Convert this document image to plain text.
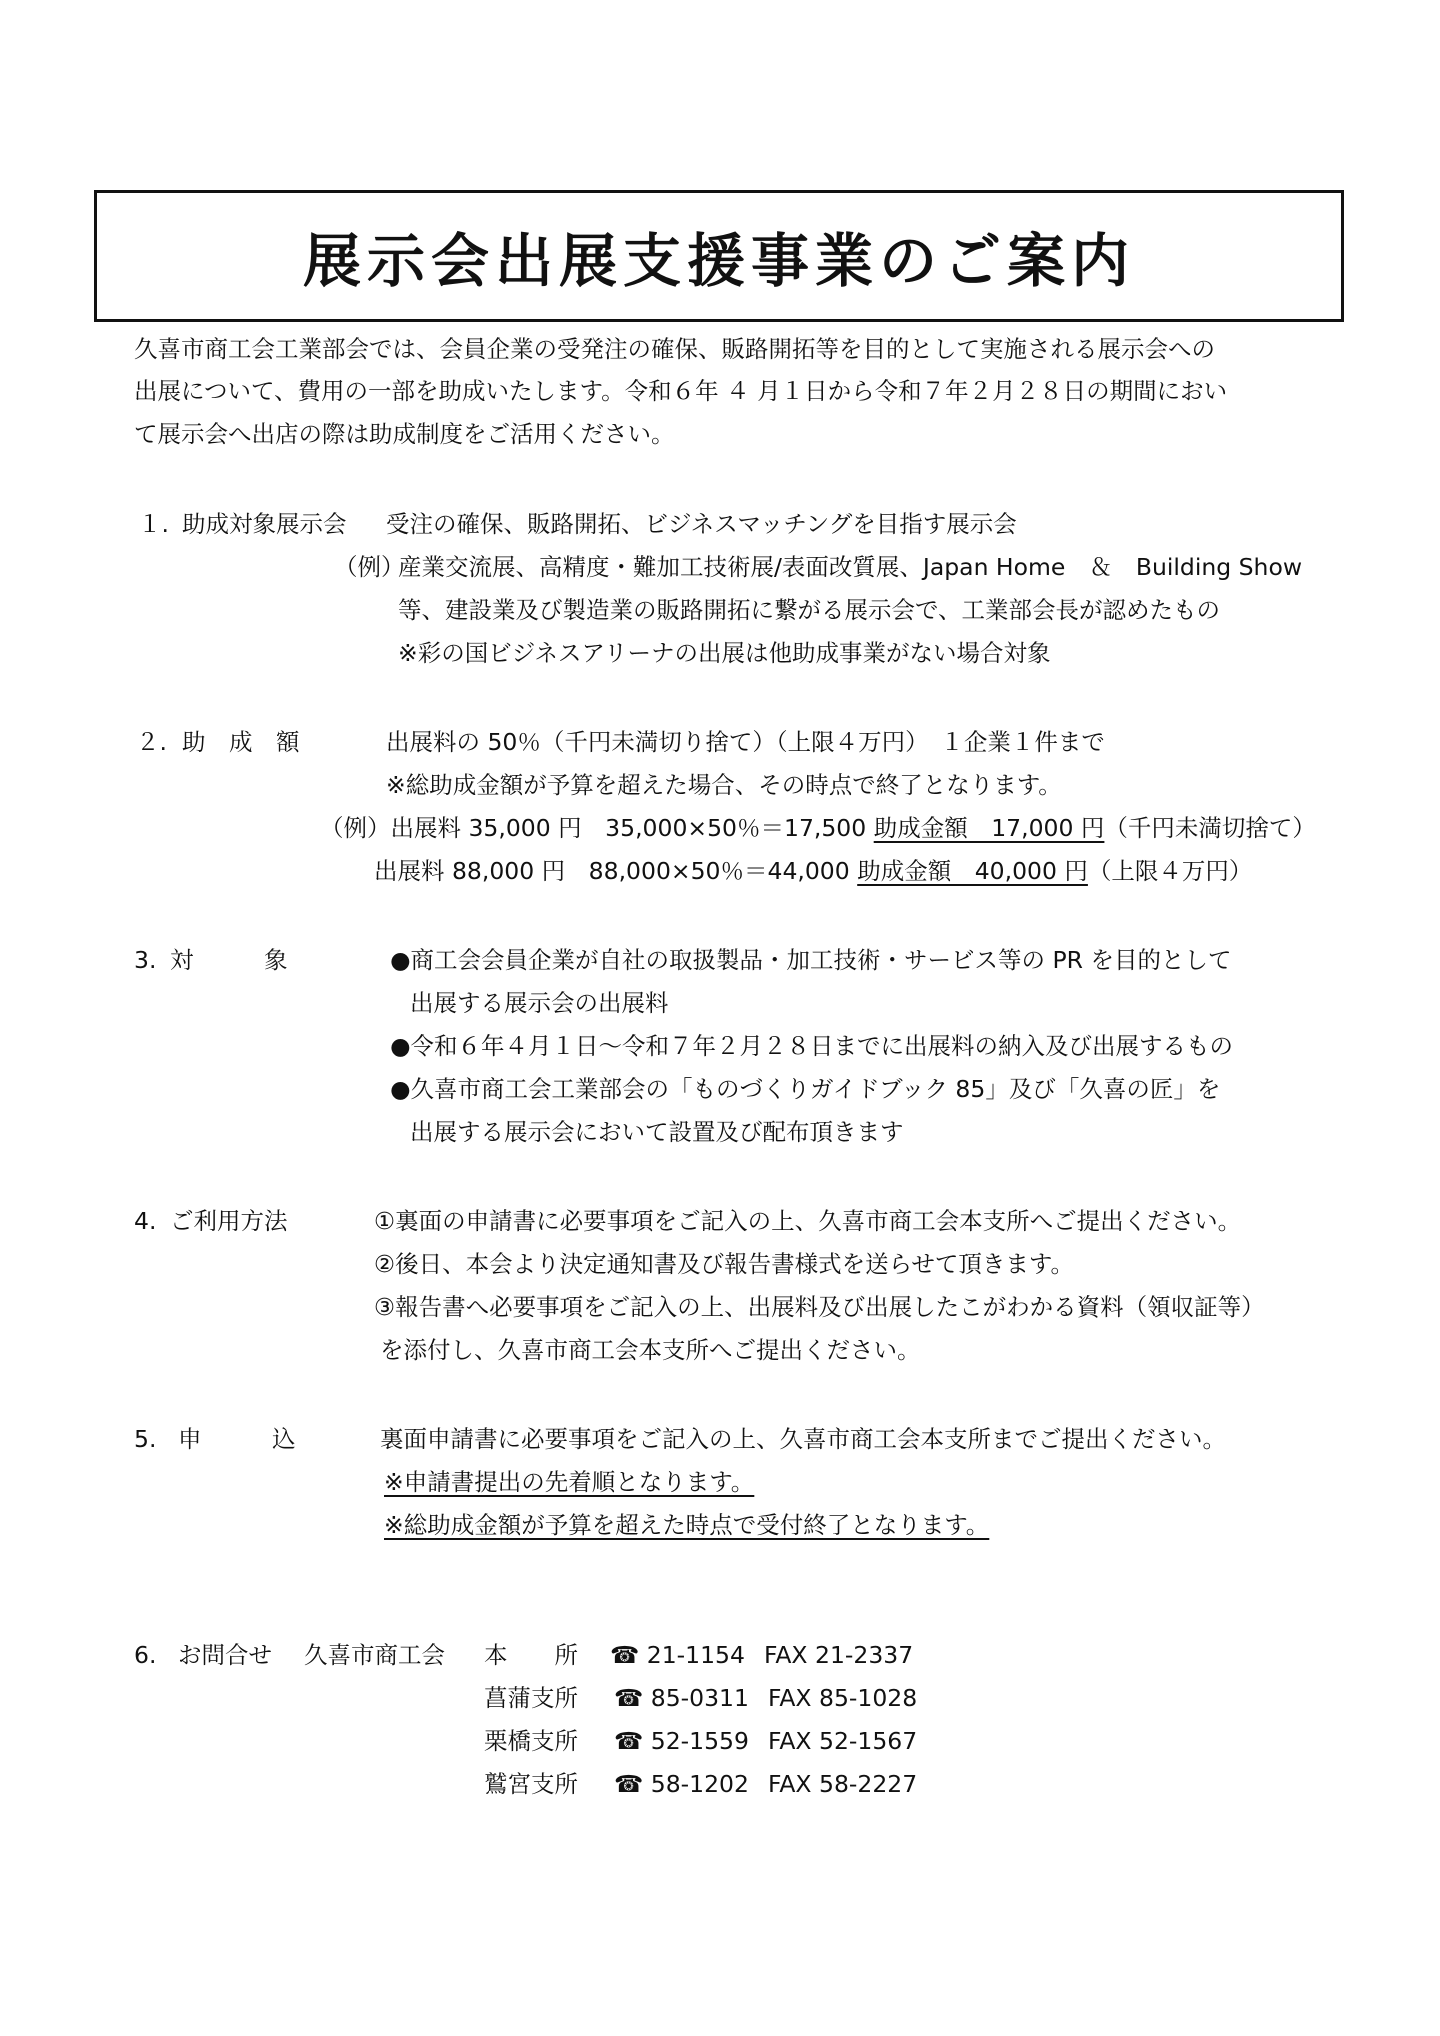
展示会出展支援事業のご案内
久喜市商工会工業部会では、会員企業の受発注の確保、販路開拓等を目的として実施される展示会への
出展について、費用の一部を助成いたします。令和６年 ４ 月１日から令和７年２月２８日の期間におい
て展示会へ出店の際は助成制度をご活用ください。
１. 助成対象展示会 受注の確保、販路開拓、ビジネスマッチングを目指す展示会
（例）
産業交流展、高精度・難加工技術展/表面改質展、Japan Home　＆　Building Show
等、建設業及び製造業の販路開拓に繋がる展示会で、工業部会長が認めたもの
※彩の国ビジネスアリーナの出展は他助成事業がない場合対象
２. 助　成　額	出展料の 50％（千円未満切り捨て）（上限４万円）　１企業１件まで
※総助成金額が予算を超えた場合、その時点で終了となります。
（例）出展料 35,000 円　35,000×50％＝17,500 助成金額　17,000 円（千円未満切捨て）
出展料 88,000 円　88,000×50％＝44,000 助成金額　40,000 円（上限４万円）
3. 対　　　象	●商工会会員企業が自社の取扱製品・加工技術・サービス等の PR を目的として
出展する展示会の出展料
●令和６年４月１日～令和７年２月２８日までに出展料の納入及び出展するもの
●久喜市商工会工業部会の「ものづくりガイドブック 85」及び「久喜の匠」を
出展する展示会において設置及び配布頂きます
4. ご利用方法	①裏面の申請書に必要事項をご記入の上、久喜市商工会本支所へご提出ください。
②後日、本会より決定通知書及び報告書様式を送らせて頂きます。
③報告書へ必要事項をご記入の上、出展料及び出展したこがわかる資料（領収証等）
を添付し、久喜市商工会本支所へご提出ください。
5. 申　　　込	裏面申請書に必要事項をご記入の上、久喜市商工会本支所までご提出ください。
※申請書提出の先着順となります。
※総助成金額が予算を超えた時点で受付終了となります。
6. お問合せ 久喜市商工会 本　　所 ☎ 21-1154 FAX 21-2337
菖蒲支所 ☎ 85-0311 FAX 85-1028
栗橋支所 ☎ 52-1559 FAX 52-1567
鷲宮支所 ☎ 58-1202 FAX 58-2227
